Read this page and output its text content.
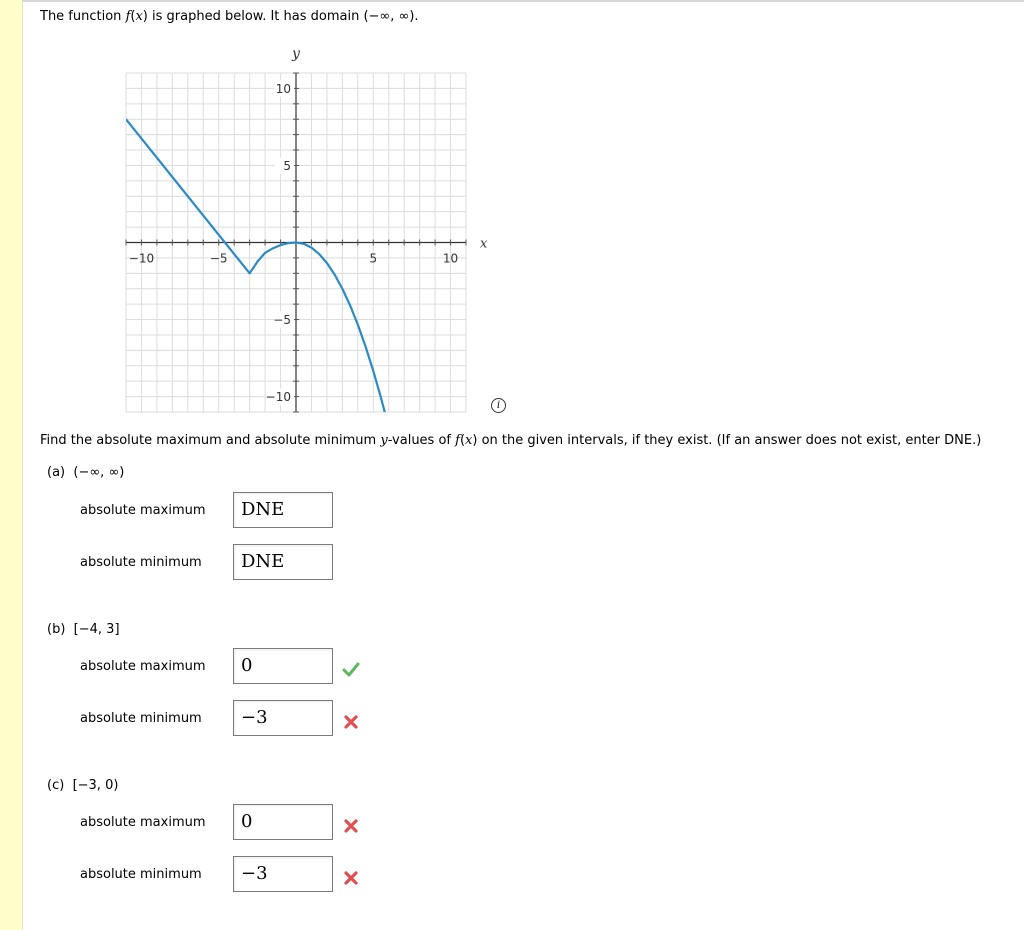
The function f(x) is graphed below. It has domain (−∞, ∞).
−10	−5	5	10
10
5
−5
−10
x
y
i
Find the absolute maximum and absolute minimum y-values of f(x) on the given intervals, if they exist. (If an answer does not exist, enter DNE.)
(a) (−∞, ∞)
absolute maximum	DNE
absolute minimum	DNE
(b) [−4, 3]
absolute maximum	0
absolute minimum	−3
(c) [−3, 0)
absolute maximum	0
absolute minimum	−3
